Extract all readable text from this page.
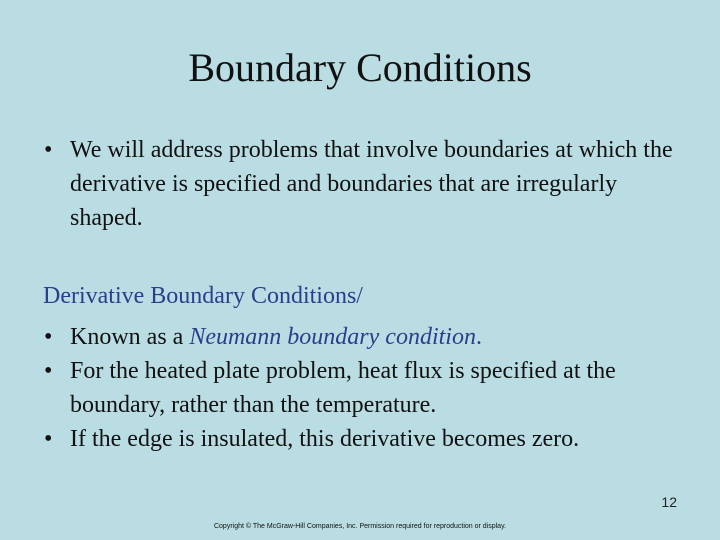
Boundary Conditions
• We will address problems that involve boundaries at which the derivative is specified and boundaries that are irregularly shaped.
Derivative Boundary Conditions/
• Known as a Neumann boundary condition.
• For the heated plate problem, heat flux is specified at the boundary, rather than the temperature.
• If the edge is insulated, this derivative becomes zero.
12
Copyright © The McGraw-Hill Companies, Inc. Permission required for reproduction or display.
